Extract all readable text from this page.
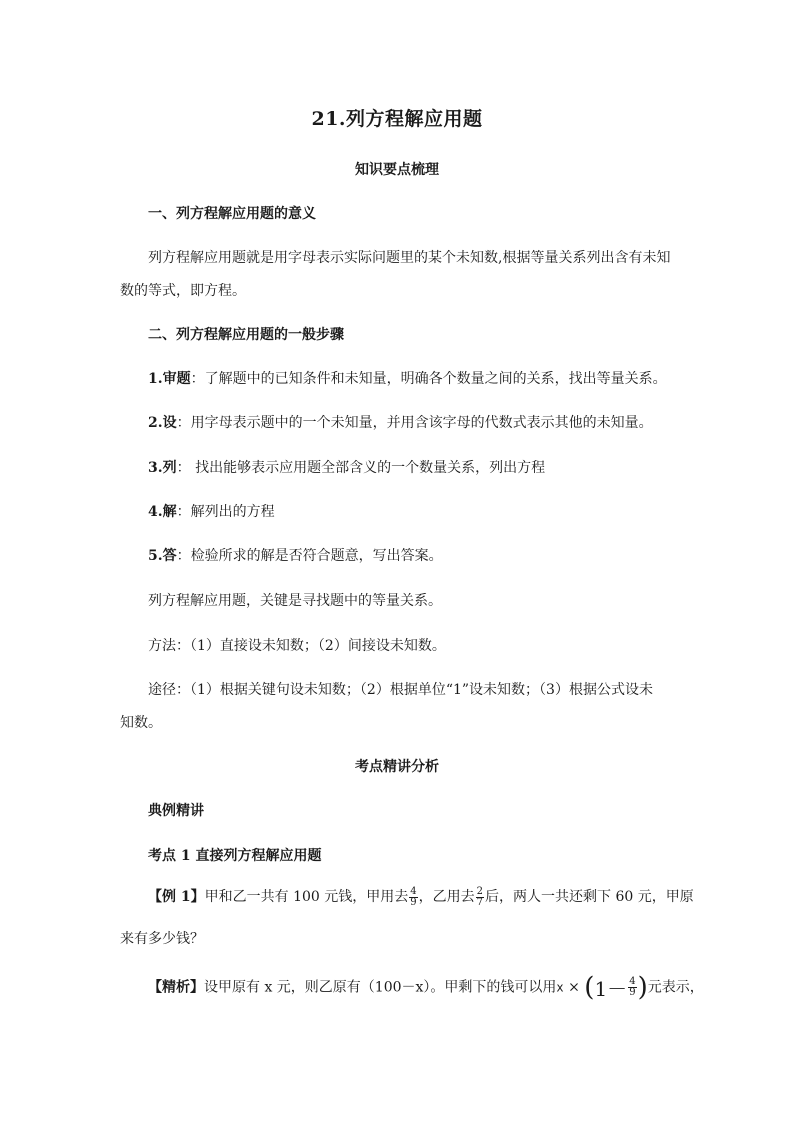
21.列方程解应用题
知识要点梳理
一、列方程解应用题的意义
列方程解应用题就是用字母表示实际问题里的某个未知数,根据等量关系列出含有未知
数的等式，即方程。
二、列方程解应用题的一般步骤
1.审题：了解题中的已知条件和未知量，明确各个数量之间的关系，找出等量关系。
2.设：用字母表示题中的一个未知量，并用含该字母的代数式表示其他的未知量。
3.列： 找出能够表示应用题全部含义的一个数量关系，列出方程
4.解：解列出的方程
5.答：检验所求的解是否符合题意，写出答案。
列方程解应用题，关键是寻找题中的等量关系。
方法：（1）直接设未知数；（2）间接设未知数。
途径：（1）根据关键句设未知数；（2）根据单位“1”设未知数；（3）根据公式设未
知数。
考点精讲分析
典例精讲
考点 1 直接列方程解应用题
【例 1】甲和乙一共有 100 元钱，甲用去 $\frac{4}{9}$ ，乙用去 $\frac{2}{7}$ 后，两人一共还剩下 60 元，甲原
来有多少钱？
【精析】设甲原有 x 元，则乙原有（100－x）。甲剩下的钱可以用$x \times (1- \frac{4}{9}$ )元表示，
